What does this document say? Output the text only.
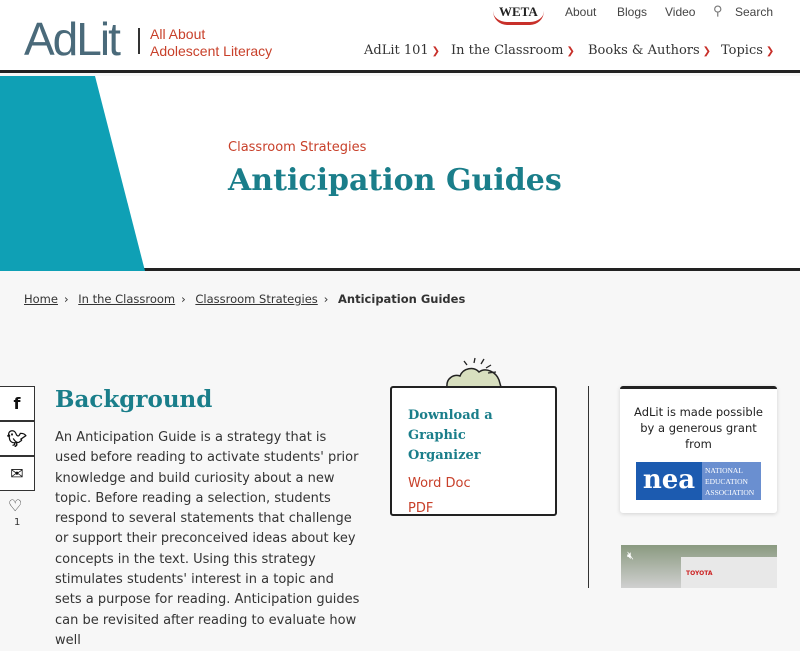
AdLit All About
Adolescent Literacy
WETA	About Blogs Video ⚲ Search
AdLit 101 ❯ In the Classroom ❯ Books & Authors ❯ Topics ❯
Classroom Strategies
Anticipation Guides
Home › In the Classroom › Classroom Strategies › Anticipation Guides
f
🐦︎
✉
♡
1
Background

An Anticipation Guide is a strategy that is used before reading to activate students' prior knowledge and build curiosity about a new topic. Before reading a selection, students respond to several statements that challenge or support their preconceived ideas about key concepts in the text. Using this strategy stimulates students' interest in a topic and sets a purpose for reading. Anticipation guides can be revisited after reading to evaluate how well

Download a Graphic Organizer
Word Doc
PDF
AdLit is made possible by a generous grant from
nea	NATIONAL
EDUCATION
ASSOCIATION
TOYOTA
🔇︎
